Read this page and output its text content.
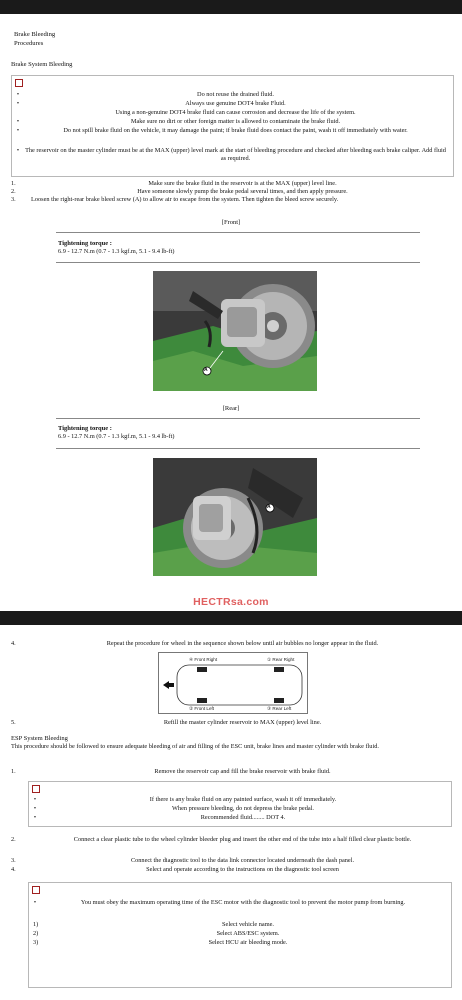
Brake Bleeding
Procedures
Brake System Bleeding
•	Do not reuse the drained fluid.
•	Always use genuine DOT4 brake Fluid.
Using a non-genuine DOT4 brake fluid can cause corrosion and decrease the life of the system.
•	Make sure no dirt or other foreign matter is allowed to contaminate the brake fluid.
•	Do not spill brake fluid on the vehicle, it may damage the paint; if brake fluid does contact the paint, wash it off immediately with water.
• The reservoir on the master cylinder must be at the MAX (upper) level mark at the start of bleeding procedure and checked after bleeding each brake caliper. Add fluid as required.
1.	Make sure the brake fluid in the reservoir is at the MAX (upper) level line.
2.	Have someone slowly pump the brake pedal several times, and then apply pressure.
3.	Loosen the right-rear brake bleed screw (A) to allow air to escape from the system. Then tighten the bleed screw securely.
[Front]
Tightening torque :
6.9 - 12.7 N.m (0.7 - 1.3 kgf.m, 5.1 - 9.4 lb-ft)
A
[Rear]
Tightening torque :
6.9 - 12.7 N.m (0.7 - 1.3 kgf.m, 5.1 - 9.4 lb-ft)
A
HECTRsa.com
4.	Repeat the procedure for wheel in the sequence shown below until air bubbles no longer appear in the fluid.
④ Front Right	① Rear Right
② Front Left	③ Rear Left
5.	Refill the master cylinder reservoir to MAX (upper) level line.
ESP System Bleeding
This procedure should be followed to ensure adequate bleeding of air and filling of the ESC unit, brake lines and master cylinder with brake fluid.
1.	Remove the reservoir cap and fill the brake reservoir with brake fluid.
•	If there is any brake fluid on any painted surface, wash it off immediately.
•	When pressure bleeding, do not depress the brake pedal.
•	Recommended fluid........ DOT 4.
2.	Connect a clear plastic tube to the wheel cylinder bleeder plug and insert the other end of the tube into a half filled clear plastic bottle.
3.	Connect the diagnostic tool to the data link connector located underneath the dash panel.
4.	Select and operate according to the instructions on the diagnostic tool screen
•	You must obey the maximum operating time of the ESC motor with the diagnostic tool to prevent the motor pump from burning.
1)	Select vehicle name.
2)	Select ABS/ESC system.
3)	Select HCU air bleeding mode.
